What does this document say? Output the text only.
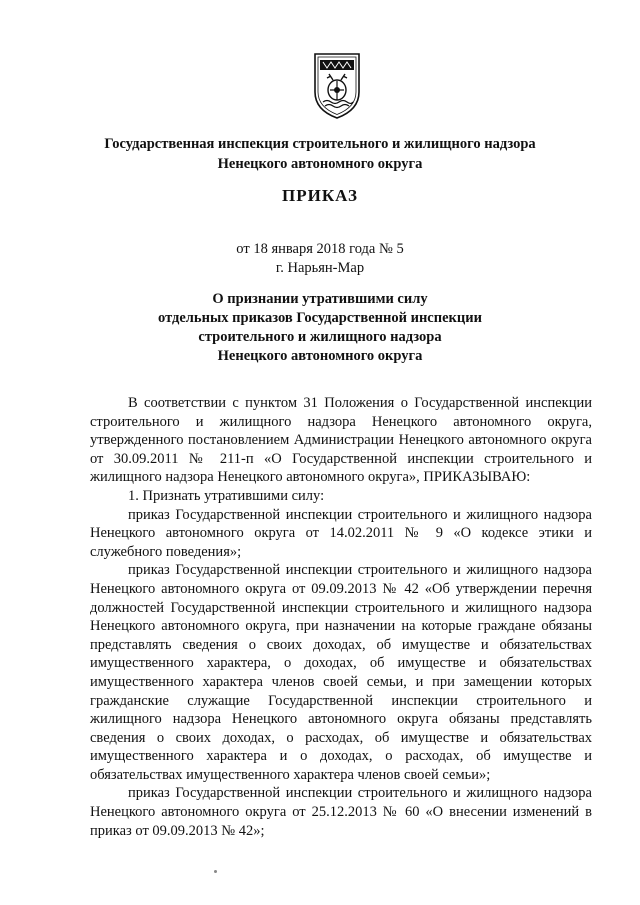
Государственная инспекция строительного и жилищного надзора
Ненецкого автономного округа
ПРИКАЗ
от 18 января 2018 года № 5
г. Нарьян-Мар
О признании утратившими силу
отдельных приказов Государственной инспекции
строительного и жилищного надзора
Ненецкого автономного округа

В соответствии с пунктом 31 Положения о Государственной инспекции строительного и жилищного надзора Ненецкого автономного округа, утвержденного постановлением Администрации Ненецкого автономного округа от 30.09.2011 № 211-п «О Государственной инспекции строительного и жилищного надзора Ненецкого автономного округа», ПРИКАЗЫВАЮ:

1. Признать утратившими силу:

приказ Государственной инспекции строительного и жилищного надзора Ненецкого автономного округа от 14.02.2011 № 9 «О кодексе этики и служебного поведения»;

приказ Государственной инспекции строительного и жилищного надзора Ненецкого автономного округа от 09.09.2013 № 42 «Об утверждении перечня должностей Государственной инспекции строительного и жилищного надзора Ненецкого автономного округа, при назначении на которые граждане обязаны представлять сведения о своих доходах, об имуществе и обязательствах имущественного характера, о доходах, об имуществе и обязательствах имущественного характера членов своей семьи, и при замещении которых гражданские служащие Государственной инспекции строительного и жилищного надзора Ненецкого автономного округа обязаны представлять сведения о своих доходах, о расходах, об имуществе и обязательствах имущественного характера и о доходах, о расходах, об имуществе и обязательствах имущественного характера членов своей семьи»;

приказ Государственной инспекции строительного и жилищного надзора Ненецкого автономного округа от 25.12.2013 № 60 «О внесении изменений в приказ от 09.09.2013 № 42»;
